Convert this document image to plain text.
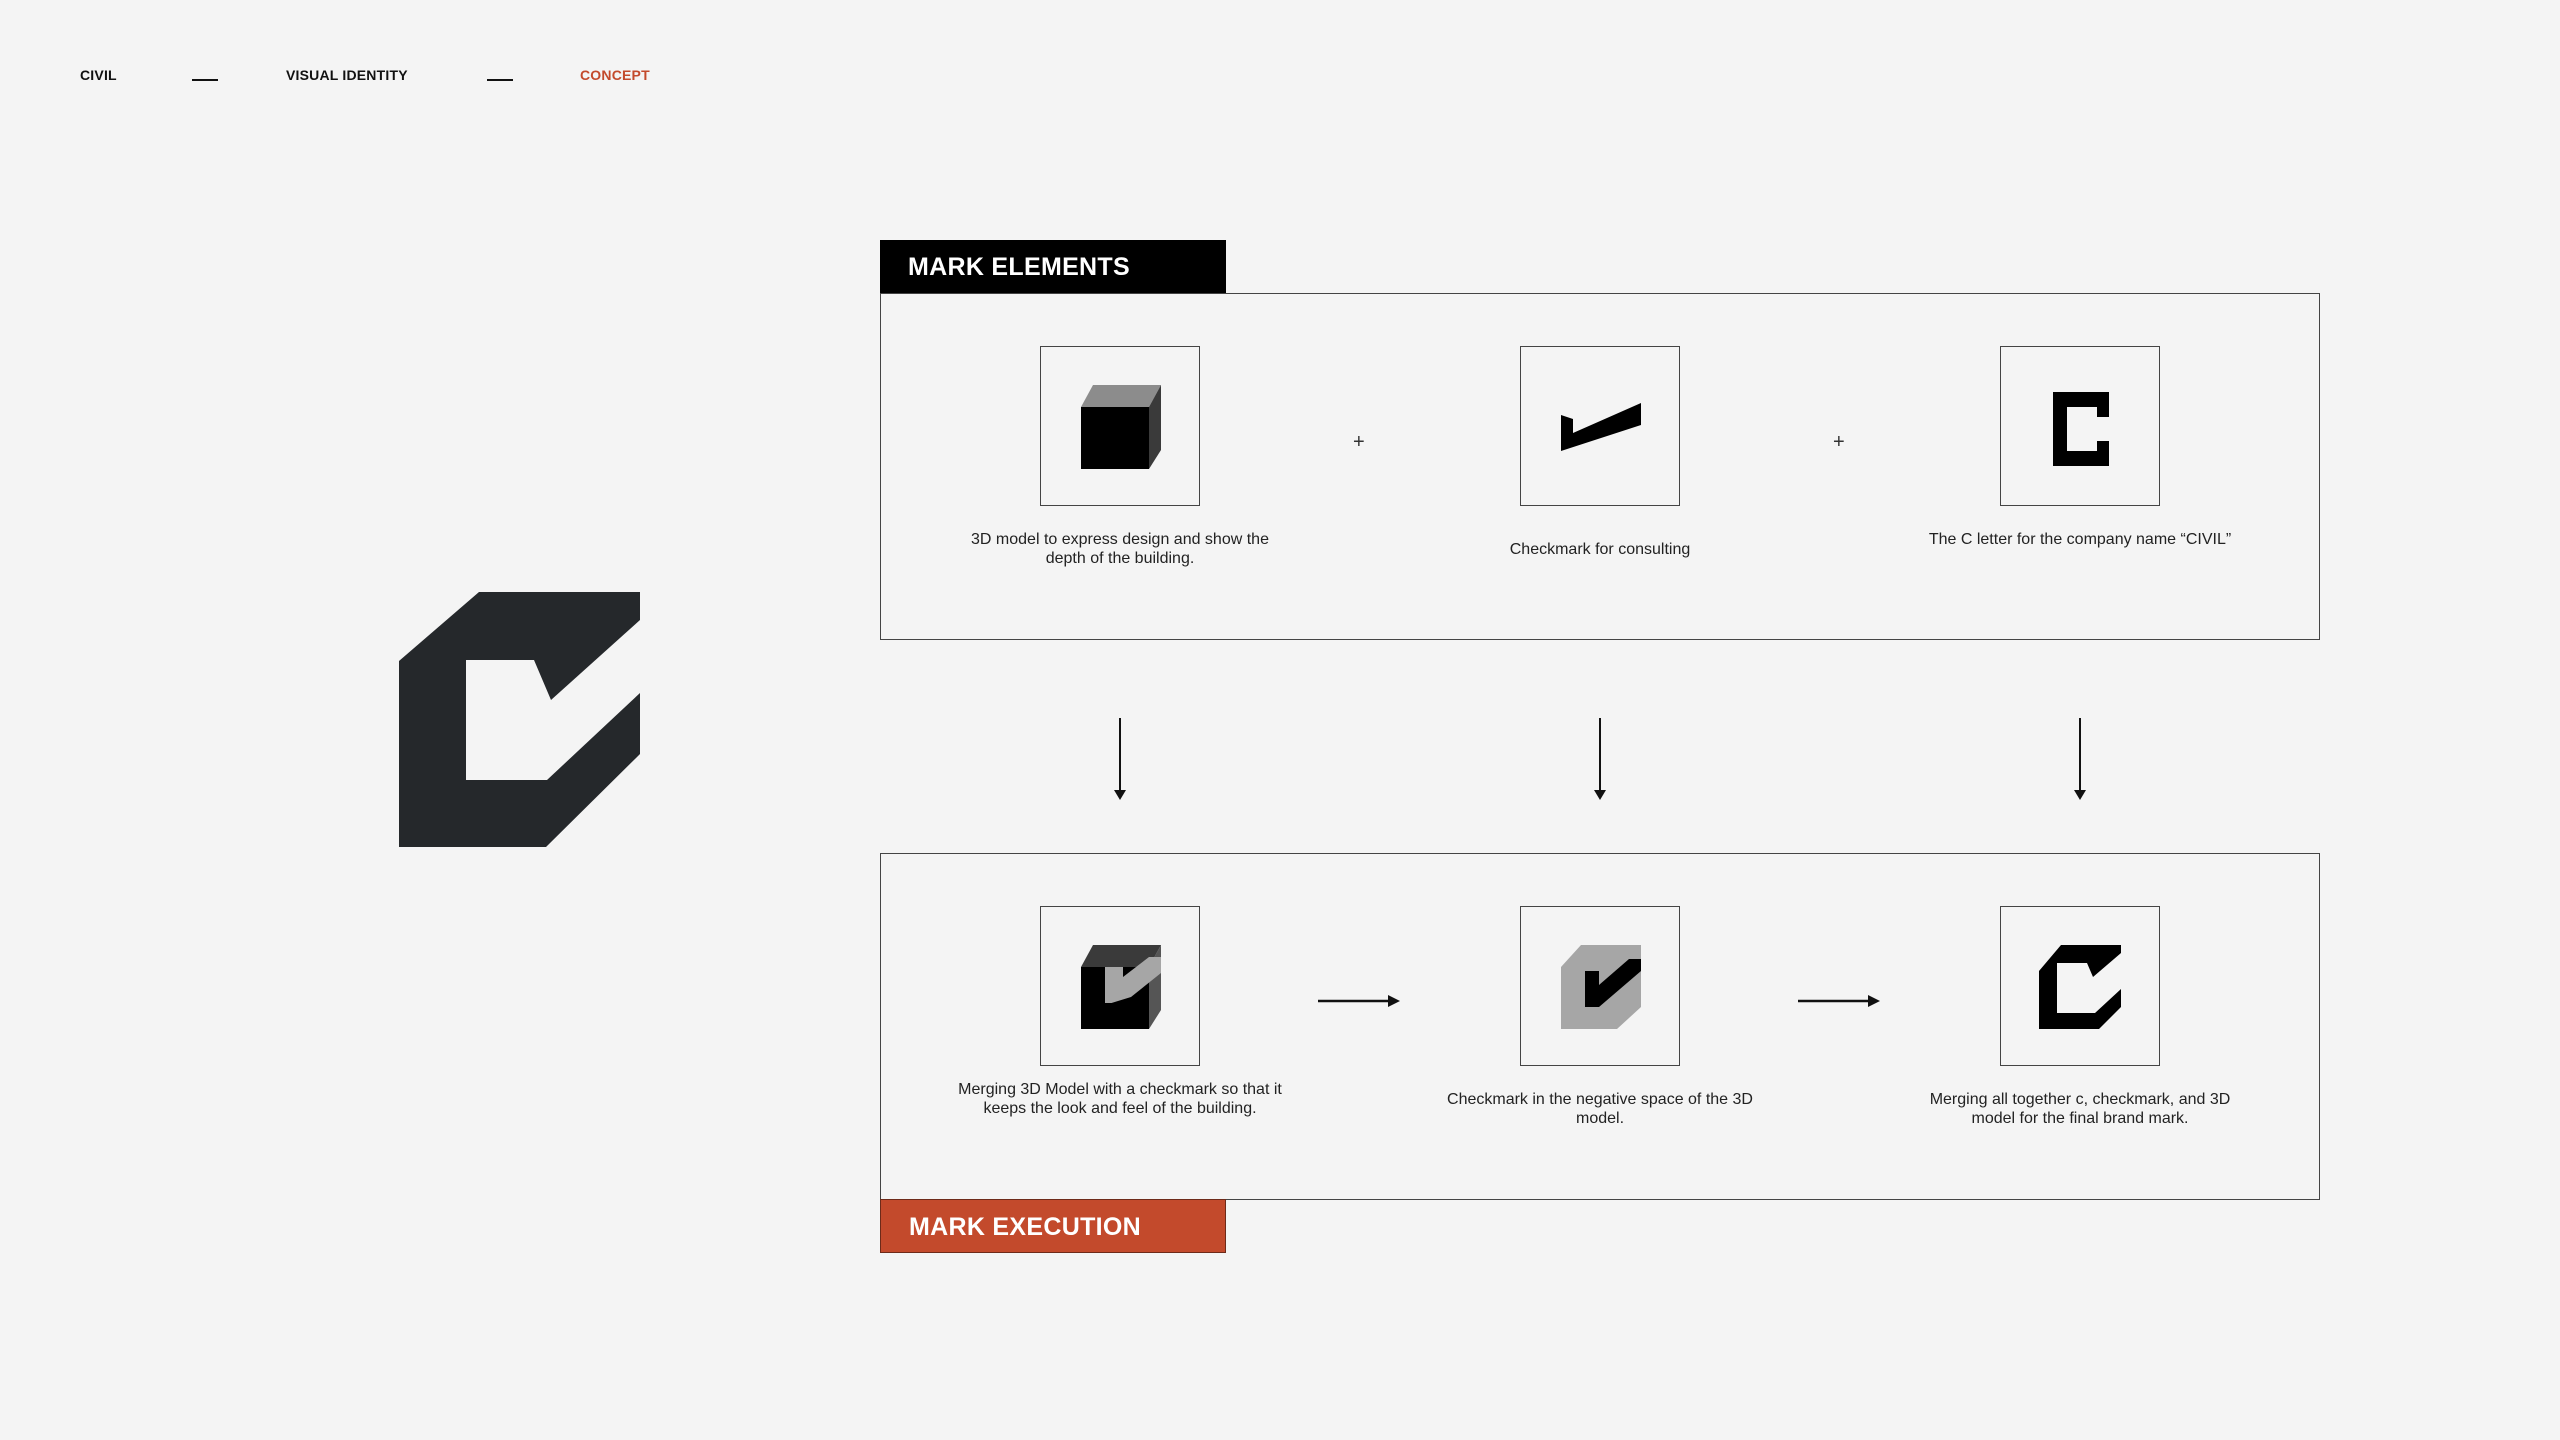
CIVIL	VISUAL IDENTITY	CONCEPT
MARK ELEMENTS
+	+
3D model to express design and show the depth of the building.
Checkmark for consulting
The C letter for the company name “CIVIL”
Merging 3D Model with a checkmark so that it keeps the look and feel of the building.
Checkmark in the negative space of the 3D model.
Merging all together c, checkmark, and 3D model for the final brand mark.
MARK EXECUTION
